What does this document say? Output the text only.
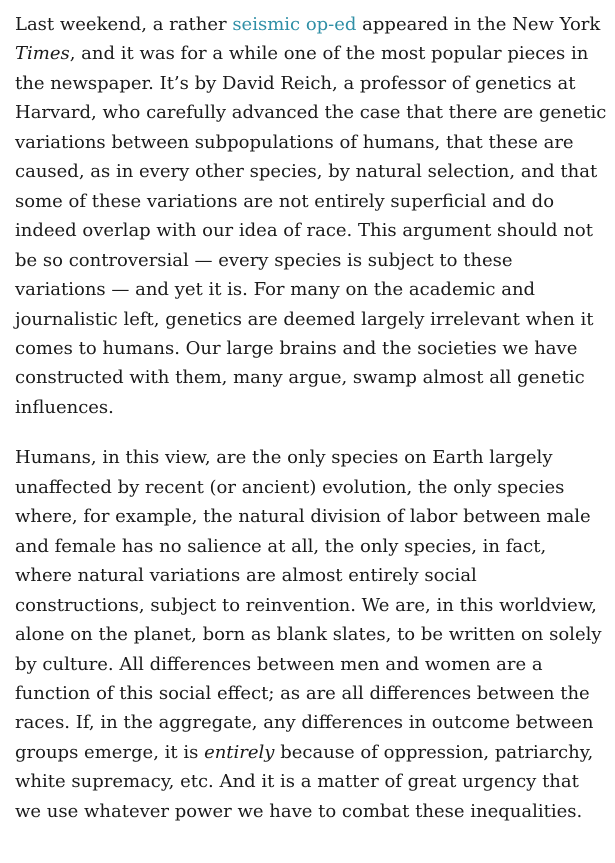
Last weekend, a rather seismic op-ed appeared in the New York Times, and it was for a while one of the most popular pieces in the newspaper. It’s by David Reich, a professor of genetics at Harvard, who carefully advanced the case that there are genetic variations between subpopulations of humans, that these are caused, as in every other species, by natural selection, and that some of these variations are not entirely superficial and do indeed overlap with our idea of race. This argument should not be so controversial — every species is subject to these variations — and yet it is. For many on the academic and journalistic left, genetics are deemed largely irrelevant when it comes to humans. Our large brains and the societies we have constructed with them, many argue, swamp almost all genetic influences.

Humans, in this view, are the only species on Earth largely unaffected by recent (or ancient) evolution, the only species where, for example, the natural division of labor between male and female has no salience at all, the only species, in fact, where natural variations are almost entirely social constructions, subject to reinvention. We are, in this worldview, alone on the planet, born as blank slates, to be written on solely by culture. All differences between men and women are a function of this social effect; as are all differences between the races. If, in the aggregate, any differences in outcome between groups emerge, it is entirely because of oppression, patriarchy, white supremacy, etc. And it is a matter of great urgency that we use whatever power we have to combat these inequalities.
